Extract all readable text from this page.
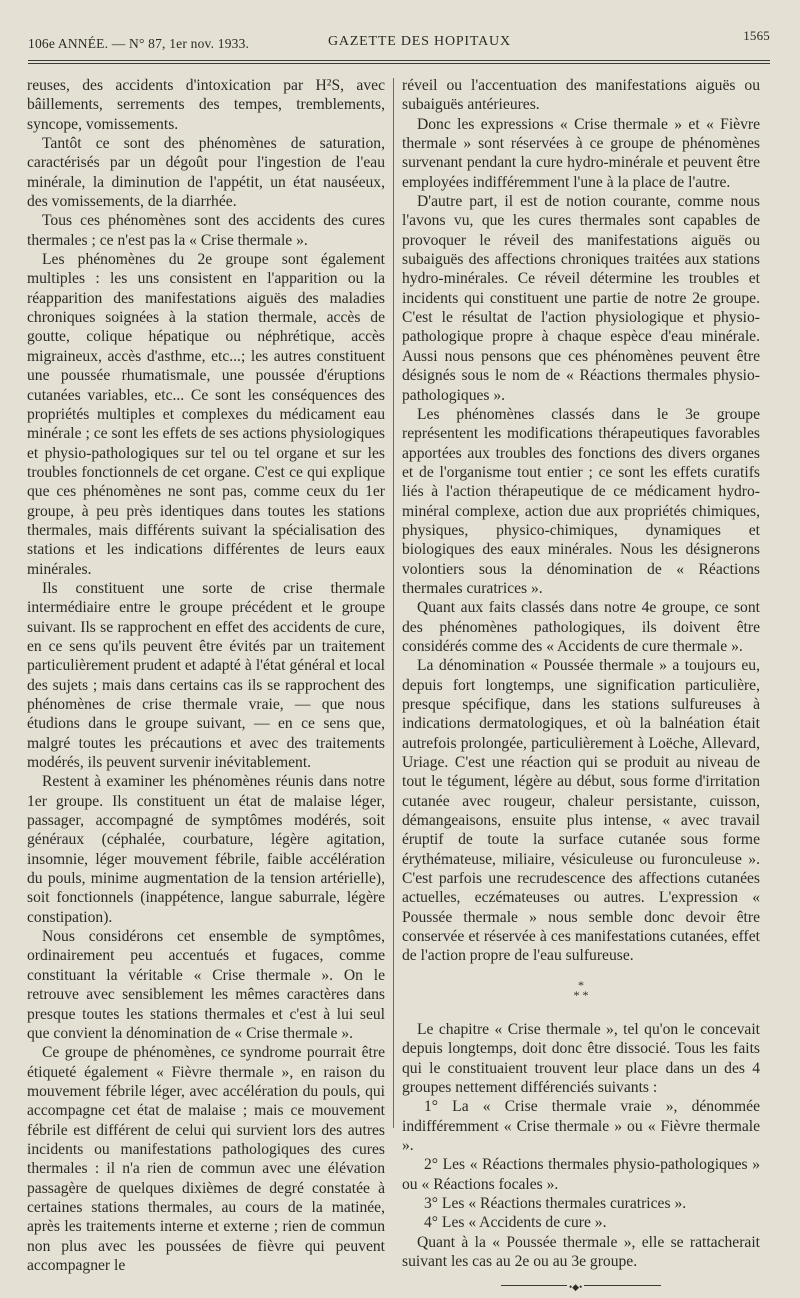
106e ANNÉE. — N° 87, 1er nov. 1933.	GAZETTE DES HOPITAUX	1565

reuses, des accidents d'intoxication par H²S, avec bâillements, serrements des tempes, tremblements, syncope, vomissements.

Tantôt ce sont des phénomènes de saturation, caractérisés par un dégoût pour l'ingestion de l'eau minérale, la diminution de l'appétit, un état nauséeux, des vomissements, de la diarrhée.

Tous ces phénomènes sont des accidents des cures thermales ; ce n'est pas la « Crise thermale ».

Les phénomènes du 2e groupe sont également multiples : les uns consistent en l'apparition ou la réapparition des manifestations aiguës des maladies chroniques soignées à la station thermale, accès de goutte, colique hépatique ou néphrétique, accès migraineux, accès d'asthme, etc...; les autres constituent une poussée rhumatismale, une poussée d'éruptions cutanées variables, etc... Ce sont les conséquences des propriétés multiples et complexes du médicament eau minérale ; ce sont les effets de ses actions physiologiques et physio-pathologiques sur tel ou tel organe et sur les troubles fonctionnels de cet organe. C'est ce qui explique que ces phénomènes ne sont pas, comme ceux du 1er groupe, à peu près identiques dans toutes les stations thermales, mais différents suivant la spécialisation des stations et les indications différentes de leurs eaux minérales.

Ils constituent une sorte de crise thermale intermédiaire entre le groupe précédent et le groupe suivant. Ils se rapprochent en effet des accidents de cure, en ce sens qu'ils peuvent être évités par un traitement particulièrement prudent et adapté à l'état général et local des sujets ; mais dans certains cas ils se rapprochent des phénomènes de crise thermale vraie, — que nous étudions dans le groupe suivant, — en ce sens que, malgré toutes les précautions et avec des traitements modérés, ils peuvent survenir inévitablement.

Restent à examiner les phénomènes réunis dans notre 1er groupe. Ils constituent un état de malaise léger, passager, accompagné de symptômes modérés, soit généraux (céphalée, courbature, légère agitation, insomnie, léger mouvement fébrile, faible accélération du pouls, minime augmentation de la tension artérielle), soit fonctionnels (inappétence, langue saburrale, légère constipation).

Nous considérons cet ensemble de symptômes, ordinairement peu accentués et fugaces, comme constituant la véritable « Crise thermale ». On le retrouve avec sensiblement les mêmes caractères dans presque toutes les stations thermales et c'est à lui seul que convient la dénomination de « Crise thermale ».

Ce groupe de phénomènes, ce syndrome pourrait être étiqueté également « Fièvre thermale », en raison du mouvement fébrile léger, avec accélération du pouls, qui accompagne cet état de malaise ; mais ce mouvement fébrile est différent de celui qui survient lors des autres incidents ou manifestations pathologiques des cures thermales : il n'a rien de commun avec une élévation passagère de quelques dixièmes de degré constatée à certaines stations thermales, au cours de la matinée, après les traitements interne et externe ; rien de commun non plus avec les poussées de fièvre qui peuvent accompagner le

réveil ou l'accentuation des manifestations aiguës ou subaiguës antérieures.

Donc les expressions « Crise thermale » et « Fièvre thermale » sont réservées à ce groupe de phénomènes survenant pendant la cure hydro-minérale et peuvent être employées indifféremment l'une à la place de l'autre.

D'autre part, il est de notion courante, comme nous l'avons vu, que les cures thermales sont capables de provoquer le réveil des manifestations aiguës ou subaiguës des affections chroniques traitées aux stations hydro-minérales. Ce réveil détermine les troubles et incidents qui constituent une partie de notre 2e groupe. C'est le résultat de l'action physiologique et physio-pathologique propre à chaque espèce d'eau minérale. Aussi nous pensons que ces phénomènes peuvent être désignés sous le nom de « Réactions thermales physio-pathologiques ».

Les phénomènes classés dans le 3e groupe représentent les modifications thérapeutiques favorables apportées aux troubles des fonctions des divers organes et de l'organisme tout entier ; ce sont les effets curatifs liés à l'action thérapeutique de ce médicament hydro-minéral complexe, action due aux propriétés chimiques, physiques, physico-chimiques, dynamiques et biologiques des eaux minérales. Nous les désignerons volontiers sous la dénomination de « Réactions thermales curatrices ».

Quant aux faits classés dans notre 4e groupe, ce sont des phénomènes pathologiques, ils doivent être considérés comme des « Accidents de cure thermale ».

La dénomination « Poussée thermale » a toujours eu, depuis fort longtemps, une signification particulière, presque spécifique, dans les stations sulfureuses à indications dermatologiques, et où la balnéation était autrefois prolongée, particulièrement à Loëche, Allevard, Uriage. C'est une réaction qui se produit au niveau de tout le tégument, légère au début, sous forme d'irritation cutanée avec rougeur, chaleur persistante, cuisson, démangeaisons, ensuite plus intense, « avec travail éruptif de toute la surface cutanée sous forme érythémateuse, miliaire, vésiculeuse ou furonculeuse ». C'est parfois une recrudescence des affections cutanées actuelles, eczémateuses ou autres. L'expression « Poussée thermale » nous semble donc devoir être conservée et réservée à ces manifestations cutanées, effet de l'action propre de l'eau sulfureuse.

*
* *

Le chapitre « Crise thermale », tel qu'on le concevait depuis longtemps, doit donc être dissocié. Tous les faits qui le constituaient trouvent leur place dans un des 4 groupes nettement différenciés suivants :

1° La « Crise thermale vraie », dénommée indifféremment « Crise thermale » ou « Fièvre thermale ».

2° Les « Réactions thermales physio-pathologiques » ou « Réactions focales ».

3° Les « Réactions thermales curatrices ».

4° Les « Accidents de cure ».

Quant à la « Poussée thermale », elle se rattacherait suivant les cas au 2e ou au 3e groupe.

•◆•
